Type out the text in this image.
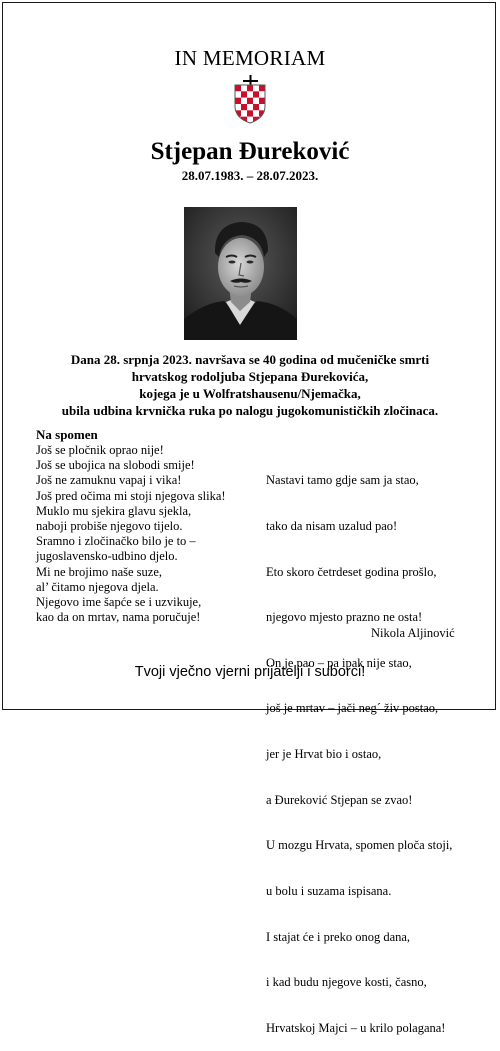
IN MEMORIAM
Stjepan Đureković
28.07.1983. – 28.07.2023.
Dana 28. srpnja 2023. navršava se 40 godina od mučeničke smrti
hrvatskog rodoljuba Stjepana Đurekovića,
kojega je u Wolfratshausenu/Njemačka,
ubila udbina krvnička ruka po nalogu jugokomunističkih zločinaca.
Na spomen
Još se pločnik oprao nije!
Još se ubojica na slobodi smije!
Još ne zamuknu vapaj i vika!
Još pred očima mi stoji njegova slika!
Muklo mu sjekira glavu sjekla,
naboji probiše njegovo tijelo.
Sramno i zločinačko bilo je to –
jugoslavensko-udbino djelo.
Mi ne brojimo naše suze,
al’ čitamo njegova djela.
Njegovo ime šapće se i uzvikuje,
kao da on mrtav, nama poručuje!

Nastavi tamo gdje sam ja stao,

tako da nisam uzalud pao!

Eto skoro četrdeset godina prošlo,

njegovo mjesto prazno ne osta!

On je pao – pa ipak nije stao,

još je mrtav – jači neg´ živ postao,

jer je Hrvat bio i ostao,

a Đureković Stjepan se zvao!

U mozgu Hrvata, spomen ploča stoji,

u bolu i suzama ispisana.

I stajat će i preko onog dana,

i kad budu njegove kosti, časno,

Hrvatskoj Majci – u krilo polagana!

Nikola Aljinović
Tvoji vječno vjerni prijatelji i suborci!
